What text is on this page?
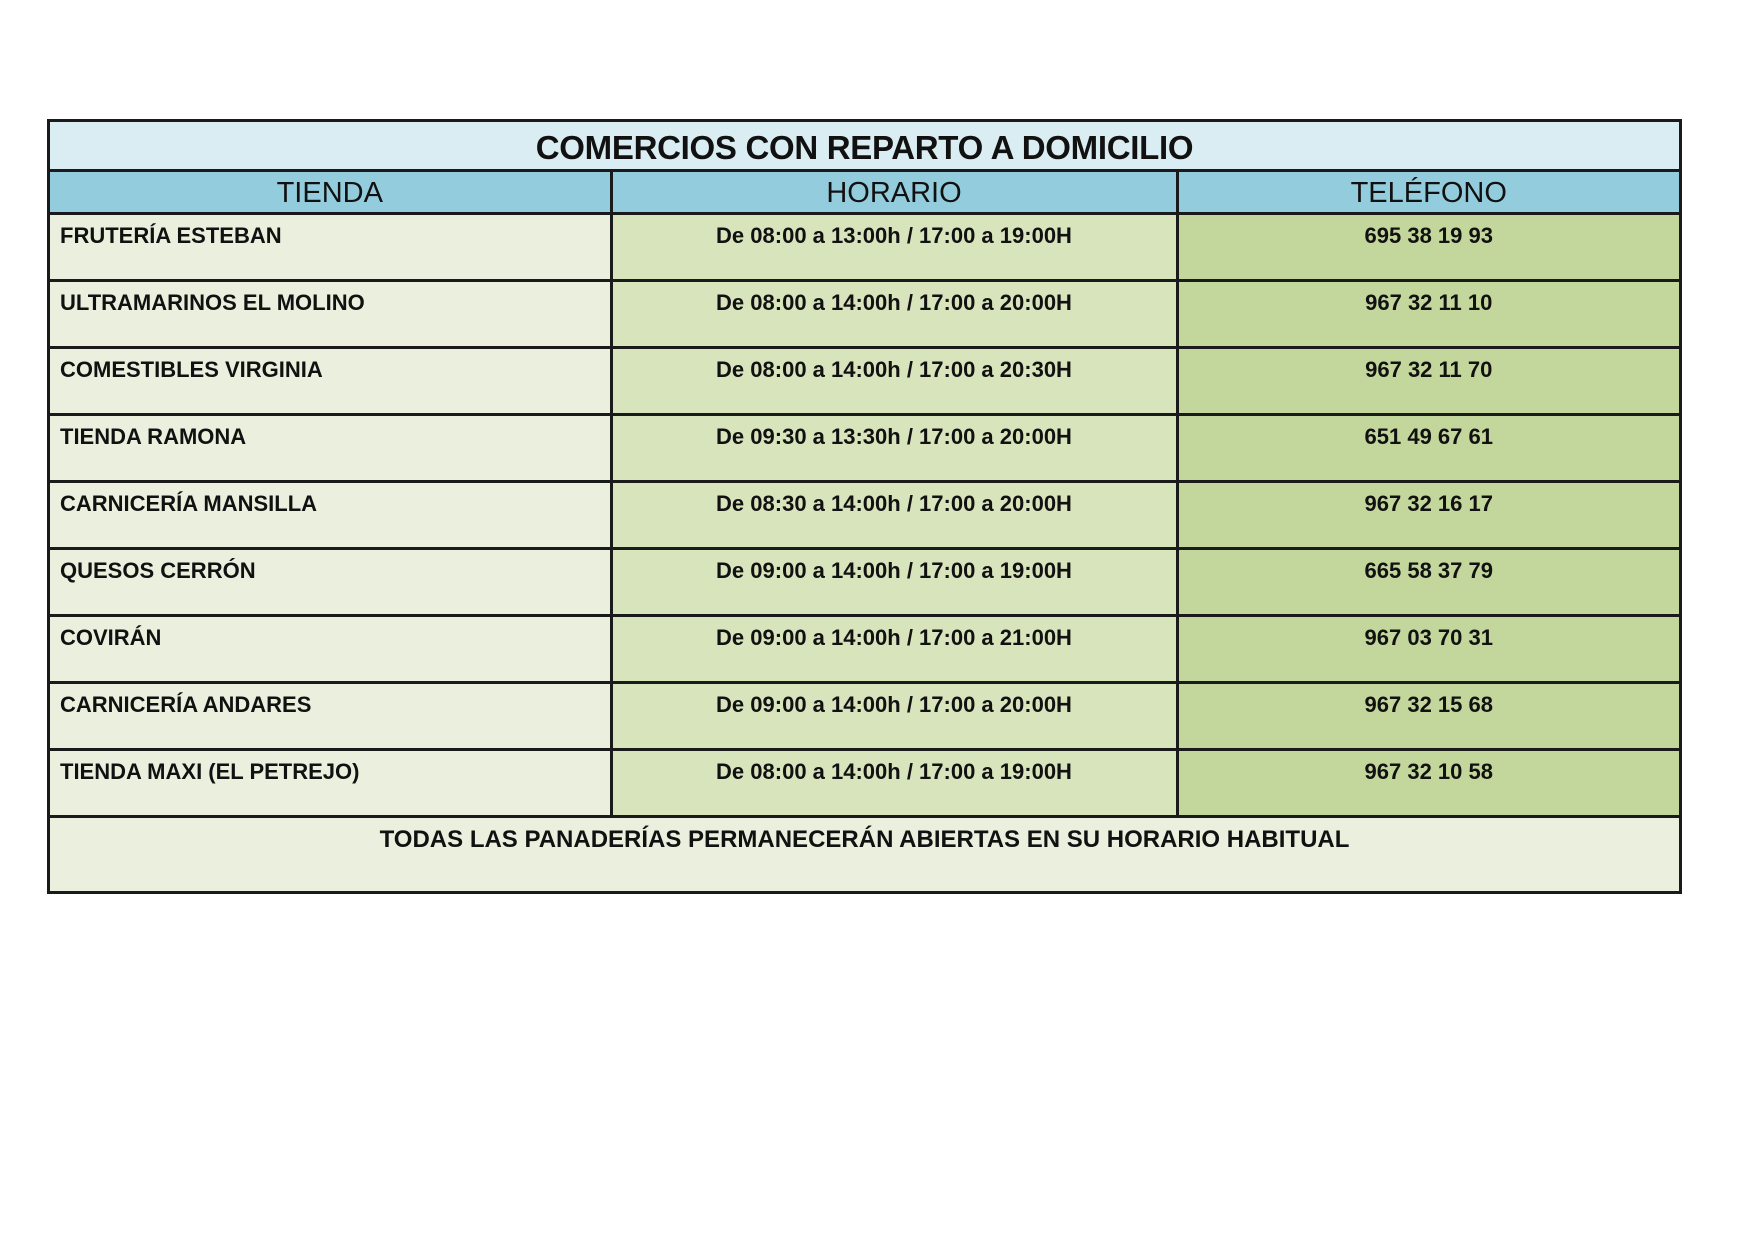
COMERCIOS CON REPARTO A DOMICILIO
TIENDA	HORARIO	TELÉFONO
FRUTERÍA ESTEBAN	De 08:00 a 13:00h / 17:00 a 19:00H	695 38 19 93
ULTRAMARINOS EL MOLINO	De 08:00 a 14:00h / 17:00 a 20:00H	967 32 11 10
COMESTIBLES VIRGINIA	De 08:00 a 14:00h / 17:00 a 20:30H	967 32 11 70
TIENDA RAMONA	De 09:30 a 13:30h / 17:00 a 20:00H	651 49 67 61
CARNICERÍA MANSILLA	De 08:30 a 14:00h / 17:00 a 20:00H	967 32 16 17
QUESOS CERRÓN	De 09:00 a 14:00h / 17:00 a 19:00H	665 58 37 79
COVIRÁN	De 09:00 a 14:00h / 17:00 a 21:00H	967 03 70 31
CARNICERÍA ANDARES	De 09:00 a 14:00h / 17:00 a 20:00H	967 32 15 68
TIENDA MAXI (EL PETREJO)	De 08:00 a 14:00h / 17:00 a 19:00H	967 32 10 58
TODAS LAS PANADERÍAS PERMANECERÁN ABIERTAS EN SU HORARIO HABITUAL
